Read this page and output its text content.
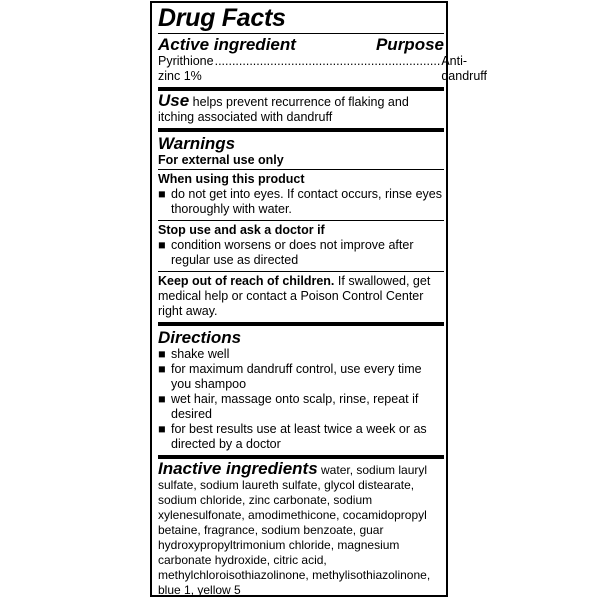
Drug Facts
Active ingredient	Purpose
Pyrithione zinc 1%
................................................................. Anti-dandruff
Use helps prevent recurrence of flaking and itching associated with dandruff
Warnings
For external use only
When using this product
■ do not get into eyes. If contact occurs, rinse eyes thoroughly with water.
Stop use and ask a doctor if
■ condition worsens or does not improve after regular use as directed
Keep out of reach of children. If swallowed, get medical help or contact a Poison Control Center right away.
Directions
■ shake well
■ for maximum dandruff control, use every time you shampoo
■ wet hair, massage onto scalp, rinse, repeat if desired
■ for best results use at least twice a week or as directed by a doctor
Inactive ingredients water, sodium lauryl sulfate, sodium laureth sulfate, glycol distearate, sodium chloride, zinc carbonate, sodium xylenesulfonate, amodimethicone, cocamidopropyl betaine, fragrance, sodium benzoate, guar hydroxypropyltrimonium chloride, magnesium carbonate hydroxide, citric acid, methylchloroisothiazolinone, methylisothiazolinone, blue 1, yellow 5
